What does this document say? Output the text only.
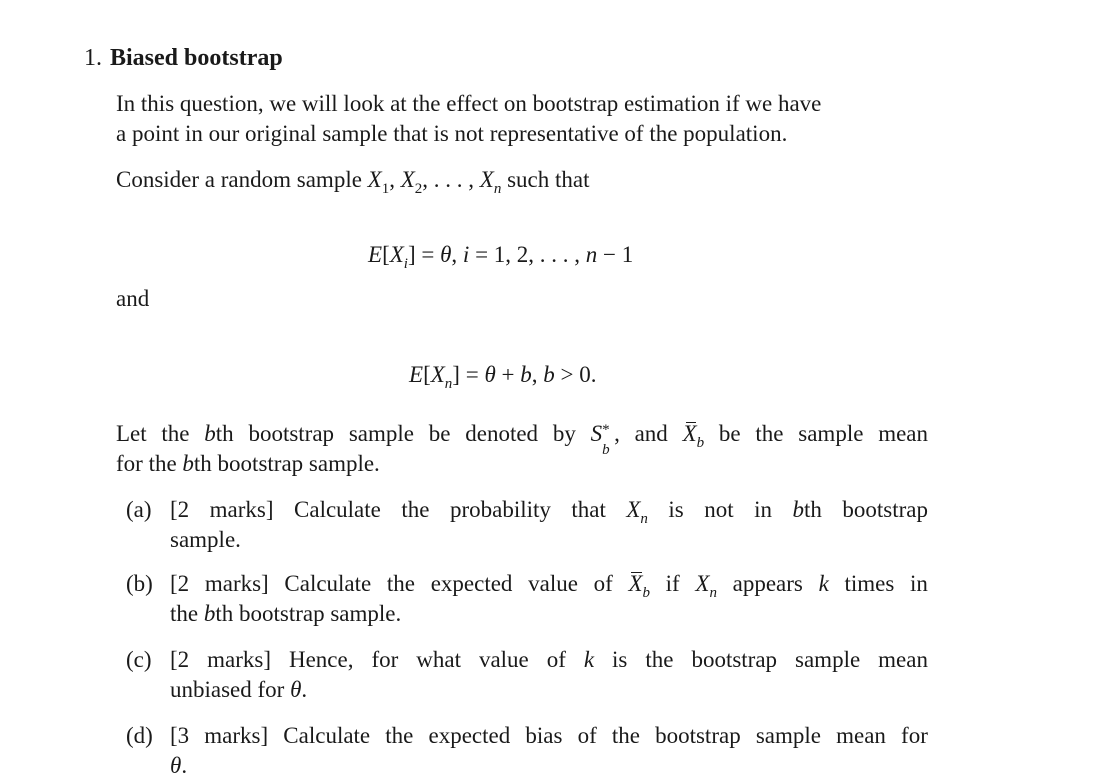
1. Biased bootstrap
In this question, we will look at the effect on bootstrap estimation if we have
a point in our original sample that is not representative of the population.
Consider a random sample $X_1$, $X_2$, . . . , $X_n$ such that
$E[X_i] = \theta$, i = 1, 2, . . . , n − 1
and
$E[X_n] = \theta + b$, b > 0.
Let the bth bootstrap sample be denoted by S *
b
, and $X_b$ be the sample mean
for the bth bootstrap sample.
(a) [2 marks] Calculate the probability that $X_n$ is not in bth bootstrap
sample.
(b) [2 marks] Calculate the expected value of $X_b$ if $X_n$ appears k times in
the bth bootstrap sample.
(c) [2 marks] Hence, for what value of k is the bootstrap sample mean
unbiased for θ.
(d) [3 marks] Calculate the expected bias of the bootstrap sample mean for
θ.
